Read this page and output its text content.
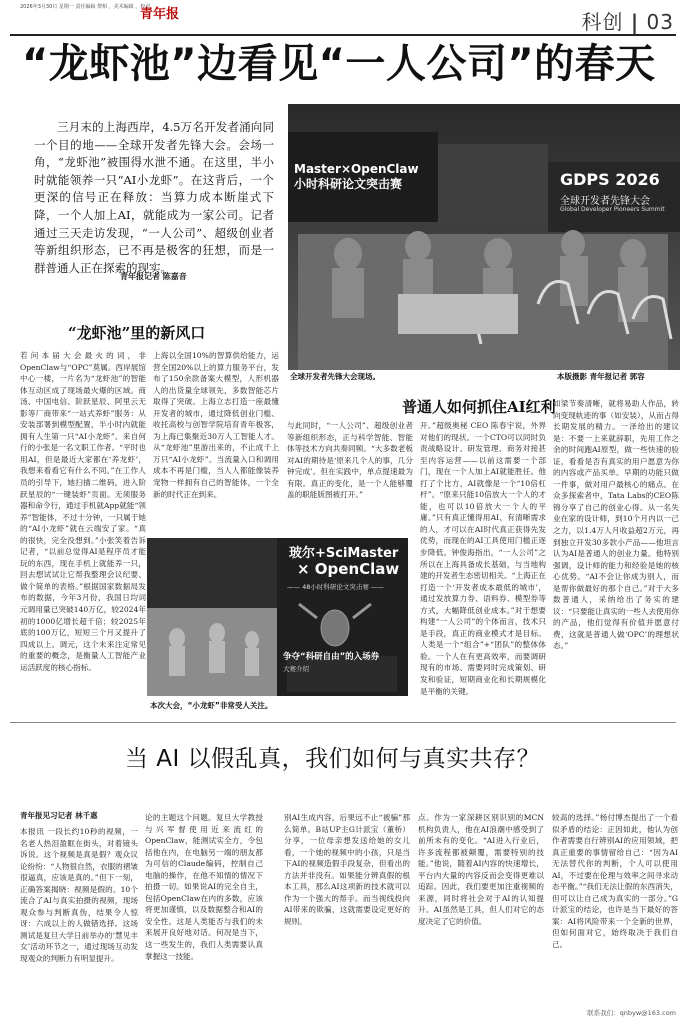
2026年3月30日 星期一 责任编辑 黎相 ，美术编辑 ，校对
青年报	科创 | 03
“龙虾池”边看见“一人公司”的春天
三月末的上海西岸，4.5万名开发者涌向同一个目的地——全球开发者先锋大会。会场一角，“龙虾池”被围得水泄不通。在这里，半小时就能领养一只“AI小龙虾”。在这背后，一个更深的信号正在释放：当算力成本断崖式下降，一个人加上AI，就能成为一家公司。记者通过三天走访发现，“一人公司”、超级创业者等新组织形态，已不再是极客的狂想，而是一群普通人正在探索的现实。
青年报记者 陈嘉音
Master×OpenClaw 小时科研论文突击赛	GDPS 2026
全球开发者先锋大会
Global Developer Pioneers Summit
全球开发者先锋大会现场。	本版摄影 青年报记者 郭容
“龙虾池”里的新风口
若问本届大会最火的词，非OpenClaw与“OPC”莫属。西岸展馆中心一楼，一片名为“龙虾池”的智能体互动区成了现场最火爆的区域。商汤、中国电信、阶跃星辰、阿里云无影等厂商带来“一站式养虾”服务：从安装部署到模型配置，半小时内就能拥有人生第一只“AI小龙虾”。来自何行的小张是一名文职工作者。“平时也用AI，但是最近大家都在‘养龙虾’，我想来看看它有什么不同。”在工作人员的引导下，她扫描二维码，进入阶跃星辰的“一键装虾”页面。无须服务器和命令行，通过手机就App就能“领养”智能体，不过十分钟，一只属于她的“AI小龙虾”就在云端安了家。“真的很快，完全没想到。”小张笑着告诉记者，“以前总觉得AI是程序员才能玩的东西，现在手机上就能养一只，回去想试试让它帮我整理会议纪要、做个简单的表格。”根据国家数据局发布的数据，今年3月份，我国日均词元调用量已突破140万亿，较2024年初的1000亿增长超千倍；较2025年底的100万亿，短短三个月又提升了四成以上。调元，这个未来注定常见的重要的概念，是衡量人工智能产业运活跃度的核心指标。
上海以全国10%的智算供给能力，运营全国20%以上的算力服务平台，发布了150余款备案大模型，人形机器人的出货量全球领先，多数智能芯片取得了突破。上海立志打造一座最懂开发者的城市，通过降低创业门槛、收托高校与创智学院培育青年极客，为上海已集聚近30万人工智能人才。从“龙虾池”里游出来的，不止成千上万只“AI小龙虾”。当流量入口和调用成本不再是门槛，当人人都能像装养宠物一样拥有自己的智能体，一个全新的时代正在到来。
普通人如何抓住AI红利
与此同时，“一人公司”、超级创业者等新组织形态，正与科学智能、智能体等技术方向共奏同频。“大多数老板对AI的期待是‘原来几个人的事，几分钟完成’。但在实践中，单点提速最为有限。真正的变化，是一个人能够覆盖的职能版图被打开。”
开。”超级奥秘 CEO 陈春宇说，外界对他们的现状。一个CTO可以同时负责战略设计、研发管理、商务对接甚至内容运营——以前这需要一个部门，现在一个人加上AI就能胜任。他打了个比方，AI就像是一个“10倍杠杆”。“原来只能10倍放大一个人的才能，也可以10倍放大一个人的平庸。”只有真正懂得用AI、有清晰需求的人，才可以在AI时代真正获得先发优势，而现在的AI工具使用门槛正逐步降低。钟俊海指出，“一人公司”之所以在上海具备成长基础，与当地构建的开发者生态密切相关。“上海正在打造一个‘开发者成本最低的城市’，通过发放算力券、语料券、模型券等方式，大幅降低创业成本。”对于想要构建“一人公司”的个体而言，技术只是手段，真正的商业模式才是目标。人类是一个“组合”+“团队”的整体体验。一个人在有更高效率，而要调研现有的市场、需要同时完成策划、研发和验证，短期商业化和长期规模化是平衡的关键。
如梁节奏清晰，就将易助人作品，转向变现轨迹的事（如安装），从而占得长期发展的精力。一泽给出的建议是：不要一上来就辞职，先用工作之余的时间跑AI原型，做一些快速的验证，看看是否有真实的用户愿意为你的内容或产品买单。早期的功能只做一件事，做对用户最核心的痛点。在众多探索者中，Tata Labs的CEO陈锦分享了自己的创业心得。从一名失业在家的设计师，到10个月内以一己之力，以1.4万人月收益超2万元，再到独立开发30多款小产品——他坦言认为AI是普通人的创业力量。他特别强调，设计师的能力和经验是她的核心优势。“AI不会让你成为别人，而是帮你做最好的那个自己。”对于大多数普通人，采纳给出了务实的建议：“只要能让真实的一些人去使用你的产品，他们觉得有价值并愿意付费，这就是普通人做‘OPC’的理想状态。”
玻尔+SciMaster
× OpenClaw
—— 48小时科研论文突击赛 ——
争夺“科研自由”的入场券
大赛介绍
本次大会，“小龙虾”非常受人关注。
当 AI 以假乱真，我们如何与真实共存？
青年报见习记者 林千惠
本报讯 一段长约10秒的视频，一名老人热泪盈眶在街头，对着镜头诉说。这个视频是真是假？观众议论纷纷：“人物很自然，衣服的褶皱很逼真，应该是真的。”但下一刻，正确答案揭晓：视频是假的。10个流合了AI与真实拍摄的视频，现场观众参与判断真伪，结果令人惊讶：六成以上的人做错选择。这场测试是复旦大学日前举办的‘慧见丰女’活动环节之一，通过现场互动发现观众的判断力有明显提升。
论的主题这个问题。复旦大学教授与兴军督使用近来流红的OpenClaw，能测试实全方，令包括他在内，在电脑另一端的朋友都为可信的Claude编码，控制自己电脑的操作，在他不知情的情况下拍摄一切。如果说AI的完全自主，包括OpenClaw在内的多数，应该将更加谨慎，以及数据整合和AI的安全性。这是人类能否与我们的未来展开良好地对话。何况是当下，这一些发生的，我们人类需要认真掌握这一技能。
别AI生成内容，后果远不止“被骗”那么简单。B站UP主G计派宝（董桥）分享，一位母亲想发送给她的女儿看，一个她的视频中的小孩，只是当下AI的视频造假手段复杂，但看出的方法并非没有。如果能分辨真假的根本工具，那么AI这项新的技术就可以作为一个强大的帮手。而当视线投向AI带来的欺骗，这就需要设定更好的规则。
点。作为一家深耕区别识别的MCN机构负责人，他在AI浪潮中感受到了前所未有的变化。“AI进入行业后，许多流程都被颠覆，需要特别的技能。”他说，随着AI内容的快速增长，平台内大量的内容反而会变得更难以追踪。因此，我们要更加注重视频的来源，同时将社会对于AI的认知提升。AI虽然是工具，但人们对它的态度决定了它的价值。
较高的选择。”杨付博杰提出了一个看似矛盾的结论：正因如此，他认为创作者需要自行辨别AI的应用领域，把真正重要的事情留给自己：“因为AI无法替代你的判断，个人可以使用AI，不过要在伦理与效率之间寻求动态平衡。”“我们无法让假的东西消失，但可以让自己成为真实的一部分。”G计派宝的结论，也许是当下最好的答案：AI将风险带来一个全新的世界，但如何面对它，始终取决于我们自己。
联系我们：qnbyw@163.com
